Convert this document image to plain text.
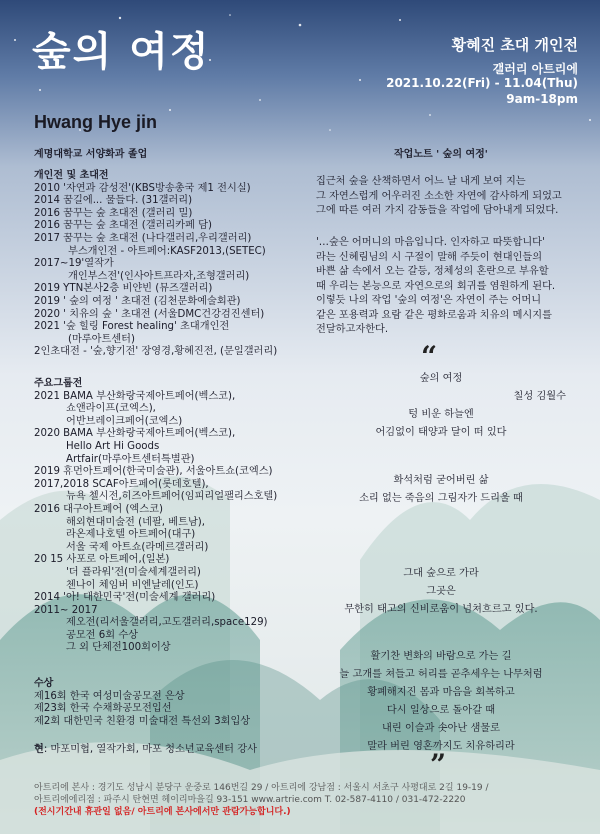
숲의 여정	황혜진 초대 개인전
갤러리 아트리에
2021.10.22(Fri) - 11.04(Thu)
9am-18pm
Hwang Hye jin
계명대학교 서양화과 졸업
개인전 및 초대전
2010 '자연과 감성전'(KBS방송총국 제1 전시실)
2014 꿈길에... 물들다. (31갤러리)
2016 꿈꾸는 숲 초대전 (갤러리 밀)
2016 꿈꾸는 숲 초대전 (갤러리카페 담)
2017 꿈꾸는 숲 초대전 (나다갤러리,우리갤러리)
부스개인전 - 아트페어:KASF2013,(SETEC)
2017~19'열작가
개인부스전'(인사아트프라자,조형갤러리)
2019 YTN본사2층 비얀빈 (뮤즈갤러리)
2019 ' 숲의 여정 ' 초대전 (김천문화예술회관)
2020 ' 치유의 숲 ' 초대전 (서울DMC건강검진센터)
2021 '숲 힐링 Forest healing' 초대개인전
(마루아트센터)
2인초대전 - '숲,향기전' 장영경,황혜진전, (문일갤러리)
주요그룹전
2021 BAMA 부산화랑국제아트페어(벡스코),
쇼앤라이프(코엑스),
어반브레이크페어(코엑스)
2020 BAMA 부산화랑국제아트페어(벡스코),
Hello Art Hi Goods
Artfair(마루아트센터특별관)
2019 휴먼아트페어(한국미술관), 서울아트쇼(코엑스)
2017,2018 SCAF아트페어(롯데호텔),
뉴욕 첼시전,히즈아트페어(임피리얼팰리스호텔)
2016 대구아트페어 (엑스코)
해외현대미술전 (네팔, 베트남),
라온제나호텔 아트페어(대구)
서울 국제 아트쇼(라메르갤러리)
20 15 사포로 아트페어,(일본)
'더 플라워'전(미술세계갤러리)
첸나이 체임버 비엔날레(인도)
2014 '아! 대한민국'전(미술세계 갤러리)
2011~ 2017
제오전(리서울갤러리,고도갤러리,space129)
공모전 6회 수상
그 외 단체전100회이상
수상
제16회 한국 여성미술공모전 은상
제23회 한국 수채화공모전입선
제2회 대한민국 친환경 미술대전 특선외 3회입상
현: 마포미협, 열작가회, 마포 청소년교육센터 강사
작업노트 ' 숲의 여정'
집근처 숲을 산책하면서 어느 날 내게 보여 지는
그 자연스럽게 어우러진 소소한 자연에 감사하게 되었고
그에 따른 여러 가지 감동들을 작업에 담아내게 되었다.
'…숲은 어머니의 마음입니다. 인자하고 따뜻합니다'
라는 신혜림님의 시 구절이 말해 주듯이 현대인들의
바쁜 삶 속에서 오는 갈등, 정체성의 혼란으로 부유할
때 우리는 본능으로 자연으로의 회귀를 염원하게 된다.
이렇듯 나의 작업 '숲의 여정'은 자연이 주는 어머니
같은 포용력과 요람 같은 평화로움과 치유의 메시지를
전달하고자한다.
“
숲의 여정
칠성 김월수
텅 비운 하늘엔
어김없이 태양과 달이 떠 있다
화석처럼 굳어버린 삶
소리 없는 죽음의 그림자가 드리울 때
그대 숲으로 가라
그곳은
무한히 태고의 신비로움이 넘쳐흐르고 있다.
활기찬 변화의 바람으로 가는 길
늘 고개를 쳐들고 허리를 곧추세우는 나무처럼
황폐해지진 몸과 마음을 회복하고
다시 일상으로 돌아갈 때
내린 이슬과 솟아난 샘물로
말라 버린 영혼까지도 치유하리라
”
아트리에 본사 : 경기도 성남시 분당구 운중로 146번길 29 / 아트리에 강남점 : 서울시 서초구 사평대로 2길 19-19 /
아트리에에리점 : 파주시 탄현면 헤이리마을길 93-151 www.artrie.com T. 02-587-4110 / 031-472-2220
(전시기간내 휴관일 없음/ 아트리에 본사에서만 관람가능합니다.)
